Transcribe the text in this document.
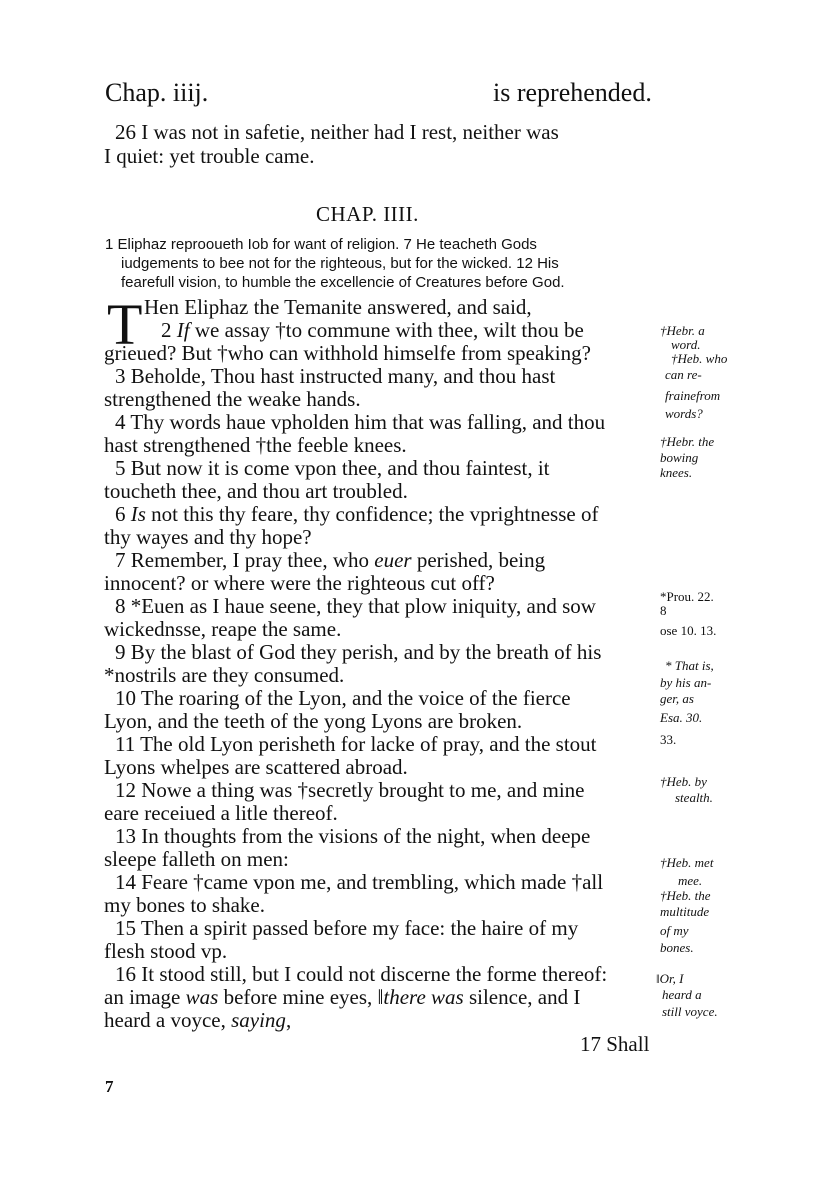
Chap. iiij.	is reprehended.
26 I was not in safetie, neither had I rest, neither was
I quiet: yet trouble came.
CHAP. IIII.
1 Eliphaz reprooueth Iob for want of religion. 7 He teacheth Gods
iudgements to bee not for the righteous, but for the wicked. 12 His
fearefull vision, to humble the excellencie of Creatures before God.
T Hen Eliphaz the Temanite answered, and said,
2 If we assay †to commune with thee, wilt thou be
grieued? But †who can withhold himselfe from speaking?
3 Beholde, Thou hast instructed many, and thou hast
strengthened the weake hands.
4 Thy words haue vpholden him that was falling, and thou
hast strengthened †the feeble knees.
5 But now it is come vpon thee, and thou faintest, it
toucheth thee, and thou art troubled.
6 Is not this thy feare, thy confidence; the vprightnesse of
thy wayes and thy hope?
7 Remember, I pray thee, who euer perished, being
innocent? or where were the righteous cut off?
8 *Euen as I haue seene, they that plow iniquity, and sow
wickednsse, reape the same.
9 By the blast of God they perish, and by the breath of his
*nostrils are they consumed.
10 The roaring of the Lyon, and the voice of the fierce
Lyon, and the teeth of the yong Lyons are broken.
11 The old Lyon perisheth for lacke of pray, and the stout
Lyons whelpes are scattered abroad.
12 Nowe a thing was †secretly brought to me, and mine
eare receiued a litle thereof.
13 In thoughts from the visions of the night, when deepe
sleepe falleth on men:
14 Feare †came vpon me, and trembling, which made †all
my bones to shake.
15 Then a spirit passed before my face: the haire of my
flesh stood vp.
16 It stood still, but I could not discerne the forme thereof:
an image was before mine eyes, ‖there was silence, and I
heard a voyce, saying,
17 Shall
7
†Hebr. a
word.
†Heb. who
can re-
frainefrom
words?
†Hebr. the
bowing
knees.
*Prou. 22.
8
ose 10. 13.
* That is,
by his an-
ger, as
Esa. 30.
33.
†Heb. by
stealth.
†Heb. met
mee.
†Heb. the
multitude
of my
bones.
‖Or, I
heard a
still voyce.
